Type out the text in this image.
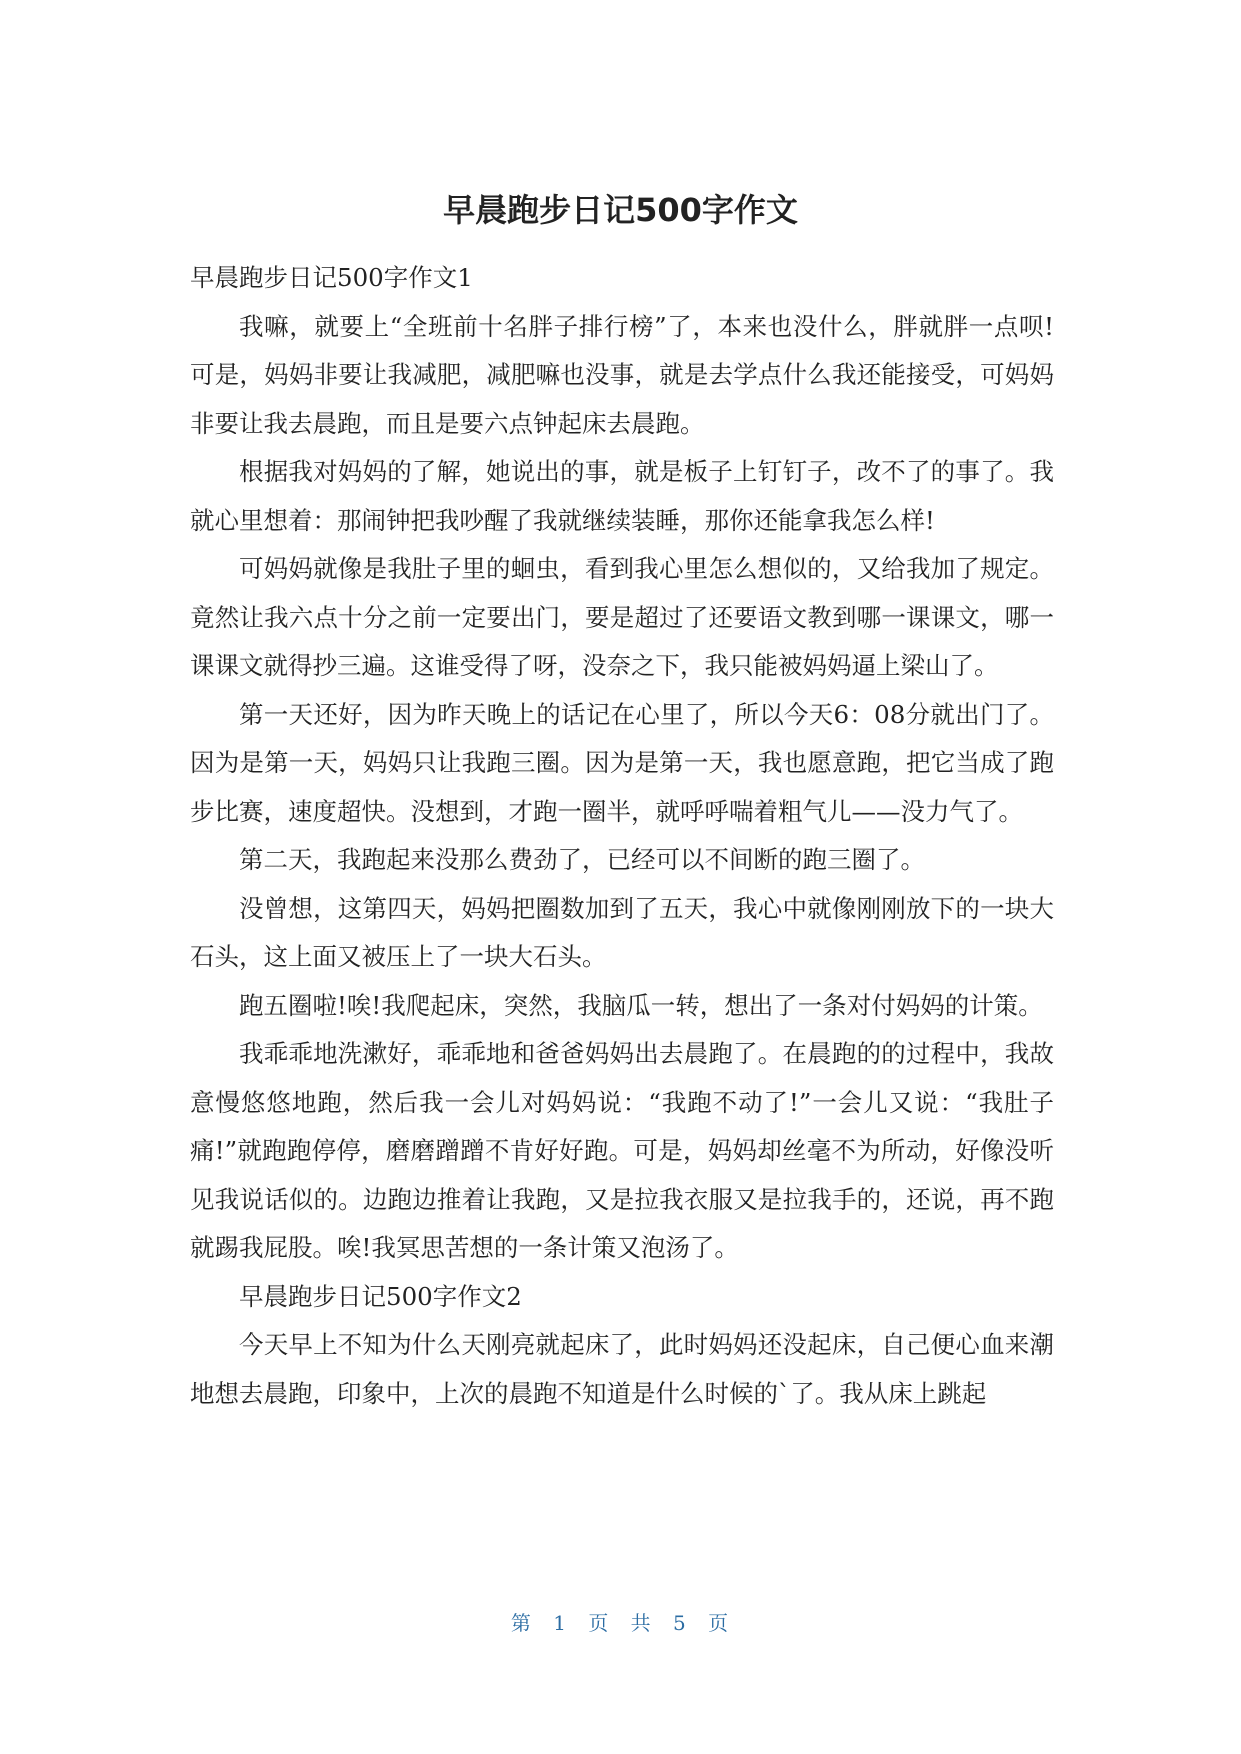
早晨跑步日记500字作文

早晨跑步日记500字作文1

我嘛，就要上“全班前十名胖子排行榜”了，本来也没什么，胖就胖一点呗!可是，妈妈非要让我减肥，减肥嘛也没事，就是去学点什么我还能接受，可妈妈非要让我去晨跑，而且是要六点钟起床去晨跑。

根据我对妈妈的了解，她说出的事，就是板子上钉钉子，改不了的事了。我就心里想着：那闹钟把我吵醒了我就继续装睡，那你还能拿我怎么样!

可妈妈就像是我肚子里的蛔虫，看到我心里怎么想似的，又给我加了规定。竟然让我六点十分之前一定要出门，要是超过了还要语文教到哪一课课文，哪一课课文就得抄三遍。这谁受得了呀，没奈之下，我只能被妈妈逼上梁山了。

第一天还好，因为昨天晚上的话记在心里了，所以今天6：08分就出门了。因为是第一天，妈妈只让我跑三圈。因为是第一天，我也愿意跑，把它当成了跑步比赛，速度超快。没想到，才跑一圈半，就呼呼喘着粗气儿——没力气了。

第二天，我跑起来没那么费劲了，已经可以不间断的跑三圈了。

没曾想，这第四天，妈妈把圈数加到了五天，我心中就像刚刚放下的一块大石头，这上面又被压上了一块大石头。

跑五圈啦!唉!我爬起床，突然，我脑瓜一转，想出了一条对付妈妈的计策。

我乖乖地洗漱好，乖乖地和爸爸妈妈出去晨跑了。在晨跑的的过程中，我故意慢悠悠地跑，然后我一会儿对妈妈说：“我跑不动了!”一会儿又说：“我肚子痛!”就跑跑停停，磨磨蹭蹭不肯好好跑。可是，妈妈却丝毫不为所动，好像没听见我说话似的。边跑边推着让我跑，又是拉我衣服又是拉我手的，还说，再不跑就踢我屁股。唉!我冥思苦想的一条计策又泡汤了。

早晨跑步日记500字作文2

今天早上不知为什么天刚亮就起床了，此时妈妈还没起床，自己便心血来潮地想去晨跑，印象中，上次的晨跑不知道是什么时候的`了。我从床上跳起

第 1 页 共 5 页
